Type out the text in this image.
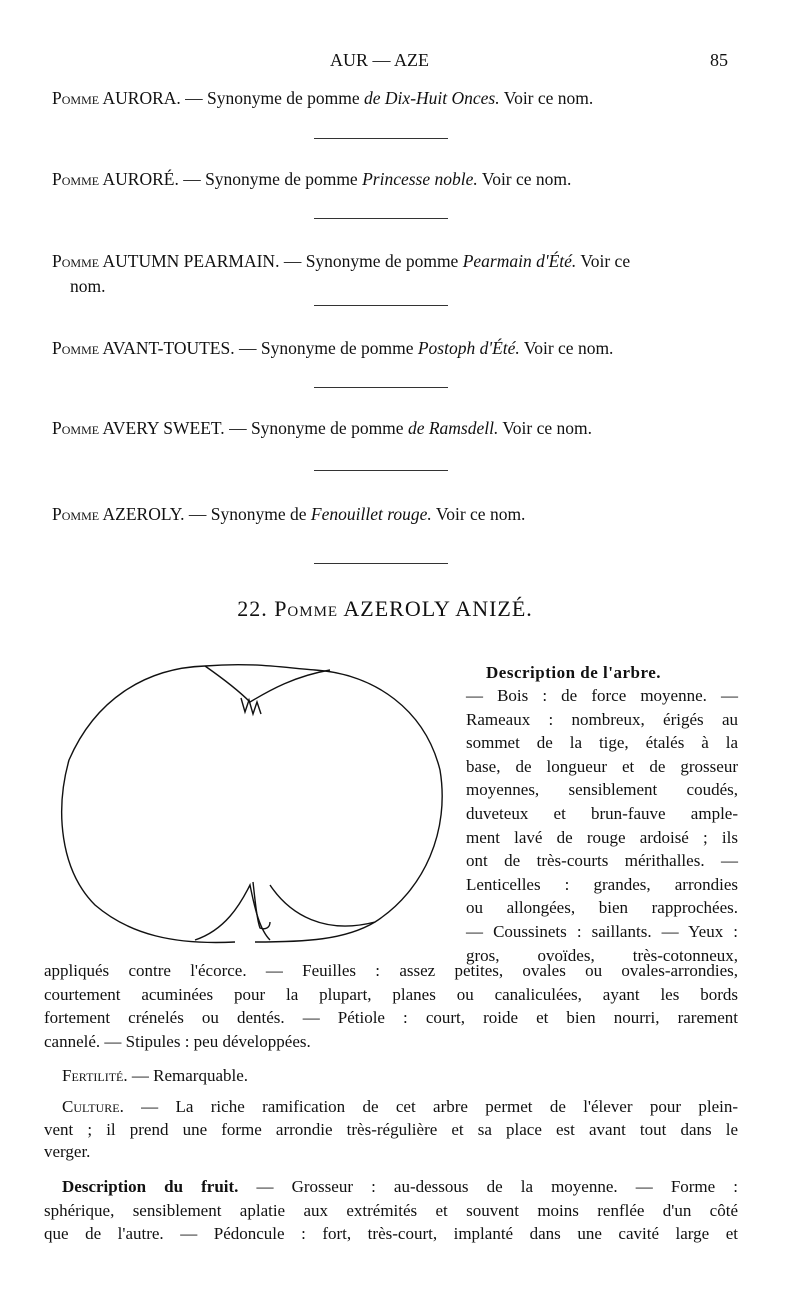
AUR — AZE	85
Pomme AURORA. — Synonyme de pomme de Dix-Huit Onces. Voir ce nom.
Pomme AURORÉ. — Synonyme de pomme Princesse noble. Voir ce nom.
Pomme AUTUMN PEARMAIN. — Synonyme de pomme Pearmain d'Été. Voir ce
nom.
Pomme AVANT-TOUTES. — Synonyme de pomme Postoph d'Été. Voir ce nom.
Pomme AVERY SWEET. — Synonyme de pomme de Ramsdell. Voir ce nom.
Pomme AZEROLY. — Synonyme de Fenouillet rouge. Voir ce nom.
22. Pomme AZEROLY ANIZÉ.
Description de l'arbre.
— Bois : de force moyenne. —
Rameaux : nombreux, érigés au
sommet de la tige, étalés à la
base, de longueur et de grosseur
moyennes, sensiblement coudés,
duveteux et brun-fauve ample-
ment lavé de rouge ardoisé ; ils
ont de très-courts mérithalles. —
Lenticelles : grandes, arrondies
ou allongées, bien rapprochées.
— Coussinets : saillants. — Yeux :
gros, ovoïdes, très-cotonneux,
appliqués contre l'écorce. — Feuilles : assez petites, ovales ou ovales-arrondies,
courtement acuminées pour la plupart, planes ou canaliculées, ayant les bords
fortement crénelés ou dentés. — Pétiole : court, roide et bien nourri, rarement
cannelé. — Stipules : peu développées.
Fertilité. — Remarquable.
Culture. — La riche ramification de cet arbre permet de l'élever pour plein-
vent ; il prend une forme arrondie très-régulière et sa place est avant tout dans le
verger.
Description du fruit. — Grosseur : au-dessous de la moyenne. — Forme :
sphérique, sensiblement aplatie aux extrémités et souvent moins renflée d'un côté
que de l'autre. — Pédoncule : fort, très-court, implanté dans une cavité large et
